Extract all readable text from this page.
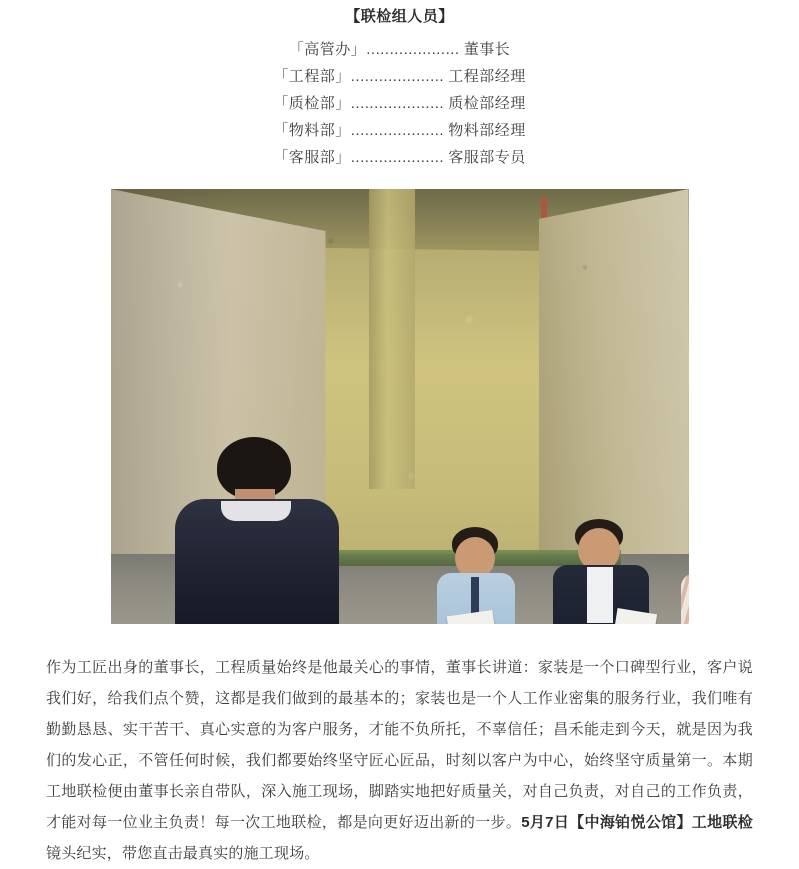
【联检组人员】
「高管办」.................... 董事长
「工程部」.................... 工程部经理
「质检部」.................... 质检部经理
「物料部」.................... 物料部经理
「客服部」.................... 客服部专员
作为工匠出身的董事长，工程质量始终是他最关心的事情，董事长讲道：家装是一个口碑型行业，客户说我们好，给我们点个赞，这都是我们做到的最基本的；家装也是一个人工作业密集的服务行业，我们唯有勤勤恳恳、实干苦干、真心实意的为客户服务，才能不负所托，不辜信任；昌禾能走到今天，就是因为我们的发心正，不管任何时候，我们都要始终坚守匠心匠品，时刻以客户为中心，始终坚守质量第一。本期工地联检便由董事长亲自带队，深入施工现场，脚踏实地把好质量关，对自己负责，对自己的工作负责，才能对每一位业主负责！每一次工地联检，都是向更好迈出新的一步。5月7日【中海铂悦公馆】工地联检镜头纪实，带您直击最真实的施工现场。
